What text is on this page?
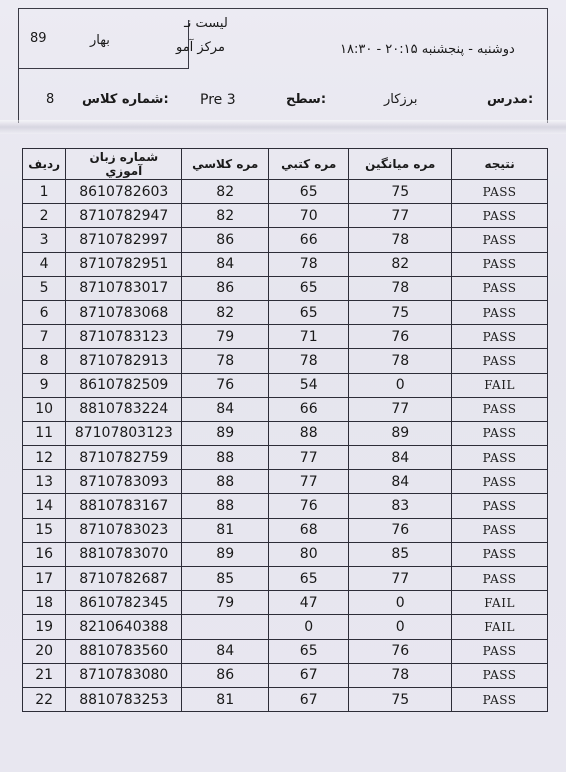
لیست نـ
مرکز آمو
بهار
89
دوشنبه - پنجشنبه ۲۰:۱۵ - ۱۸:۳۰
مدرس:
برزکار
سطح:
Pre 3
شماره کلاس:
8
نتیجه	مره میانگین	مره کتبي	مره کلاسي	شماره زبان آموزي	رديف
PASS	75	65	82	8610782603	1
PASS	77	70	82	8710782947	2
PASS	78	66	86	8710782997	3
PASS	82	78	84	8710782951	4
PASS	78	65	86	8710783017	5
PASS	75	65	82	8710783068	6
PASS	76	71	79	8710783123	7
PASS	78	78	78	8710782913	8
FAIL	0	54	76	8610782509	9
PASS	77	66	84	8810783224	10
PASS	89	88	89	87107803123	11
PASS	84	77	88	8710782759	12
PASS	84	77	88	8710783093	13
PASS	83	76	88	8810783167	14
PASS	76	68	81	8710783023	15
PASS	85	80	89	8810783070	16
PASS	77	65	85	8710782687	17
FAIL	0	47	79	8610782345	18
FAIL	0	0		8210640388	19
PASS	76	65	84	8810783560	20
PASS	78	67	86	8710783080	21
PASS	75	67	81	8810783253	22
